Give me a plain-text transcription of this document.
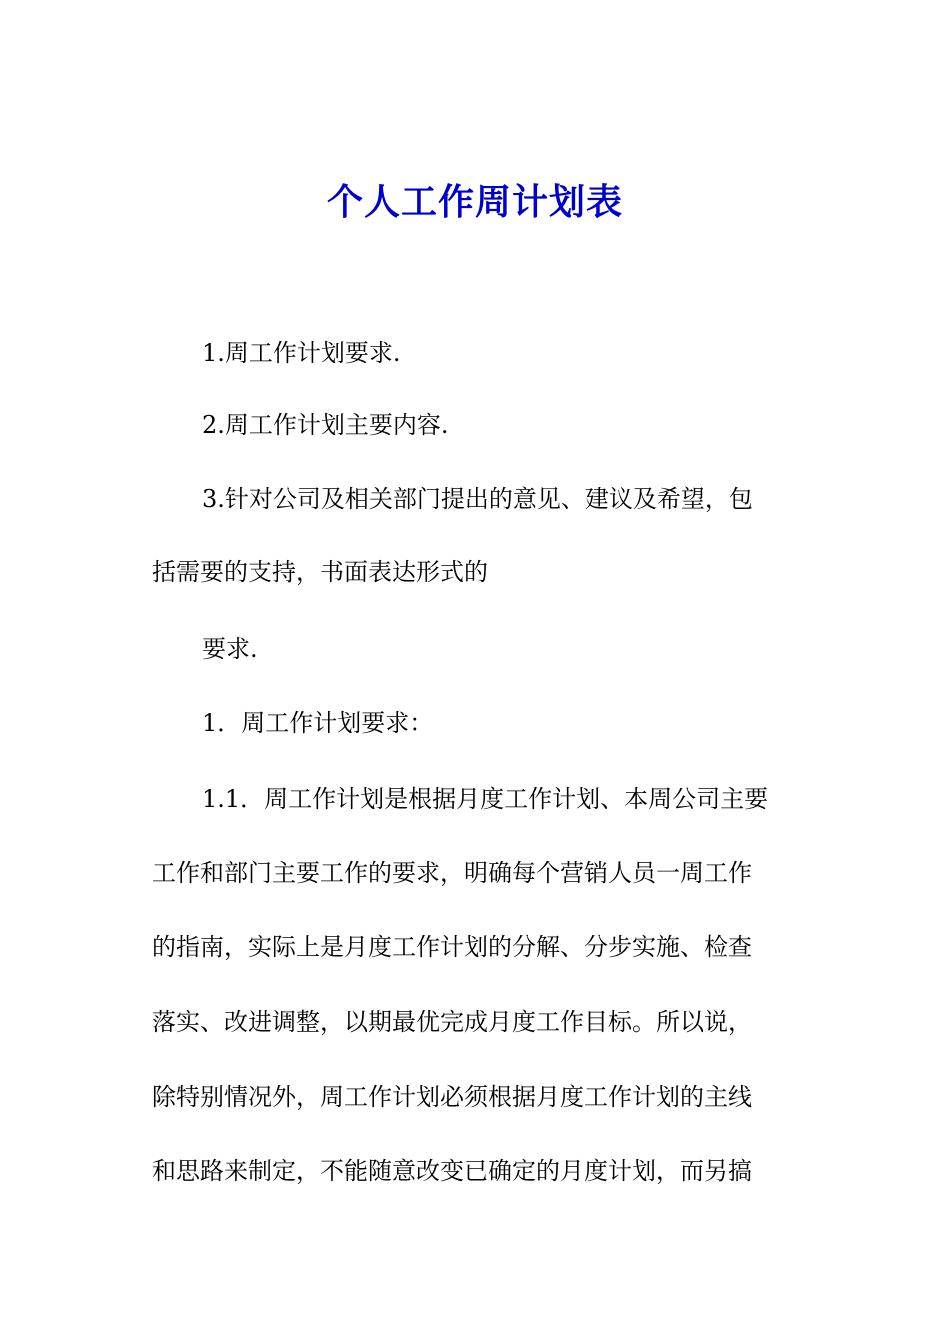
个人工作周计划表
1.周工作计划要求.
2.周工作计划主要内容.
3.针对公司及相关部门提出的意见、建议及希望，包
括需要的支持，书面表达形式的
要求.
1．周工作计划要求：
1.1．周工作计划是根据月度工作计划、本周公司主要
工作和部门主要工作的要求，明确每个营销人员一周工作
的指南，实际上是月度工作计划的分解、分步实施、检查
落实、改进调整，以期最优完成月度工作目标。所以说，
除特别情况外，周工作计划必须根据月度工作计划的主线
和思路来制定，不能随意改变已确定的月度计划，而另搞
